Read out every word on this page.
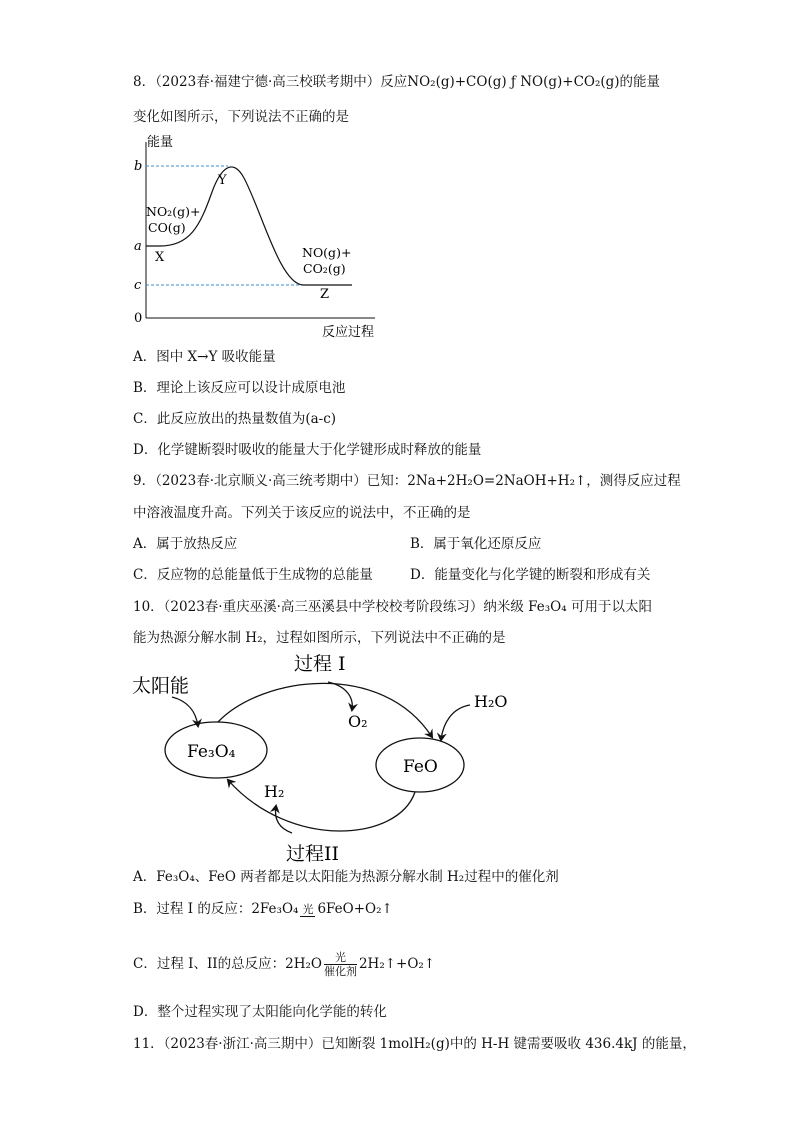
8．（2023春·福建宁德·高三校联考期中）反应NO₂(g)+CO(g) ƒ NO(g)+CO₂(g)的能量
变化如图所示，下列说法不正确的是
能量
反应过程
b
a
c
0
NO₂(g)+
CO(g)
X
Y
NO(g)+
CO₂(g)
Z
Fe₃O₄
FeO
太阳能
过程 I
过程II
O₂
H₂O
H₂
A．图中 X→Y 吸收能量
B．理论上该反应可以设计成原电池
C．此反应放出的热量数值为(a-c)
D．化学键断裂时吸收的能量大于化学键形成时释放的能量
9．（2023春·北京顺义·高三统考期中）已知：2Na+2H₂O=2NaOH+H₂↑，测得反应过程
中溶液温度升高。下列关于该反应的说法中，不正确的是
A．属于放热反应	B．属于氧化还原反应
C．反应物的总能量低于生成物的总能量	D．能量变化与化学键的断裂和形成有关
10．（2023春·重庆巫溪·高三巫溪县中学校校考阶段练习）纳米级 Fe₃O₄ 可用于以太阳
能为热源分解水制 H₂，过程如图所示，下列说法中不正确的是
A．Fe₃O₄、FeO 两者都是以太阳能为热源分解水制 H₂过程中的催化剂
B．过程 I 的反应：2Fe₃O₄ 光 6FeO+O₂↑
C．过程 I、II的总反应：$2H_2O \frac{\text{光}}{\text{催化剂}}$ 2H₂↑+O₂↑
D．整个过程实现了太阳能向化学能的转化
11．（2023春·浙江·高三期中）已知断裂 1molH₂(g)中的 H-H 键需要吸收 436.4kJ 的能量，
